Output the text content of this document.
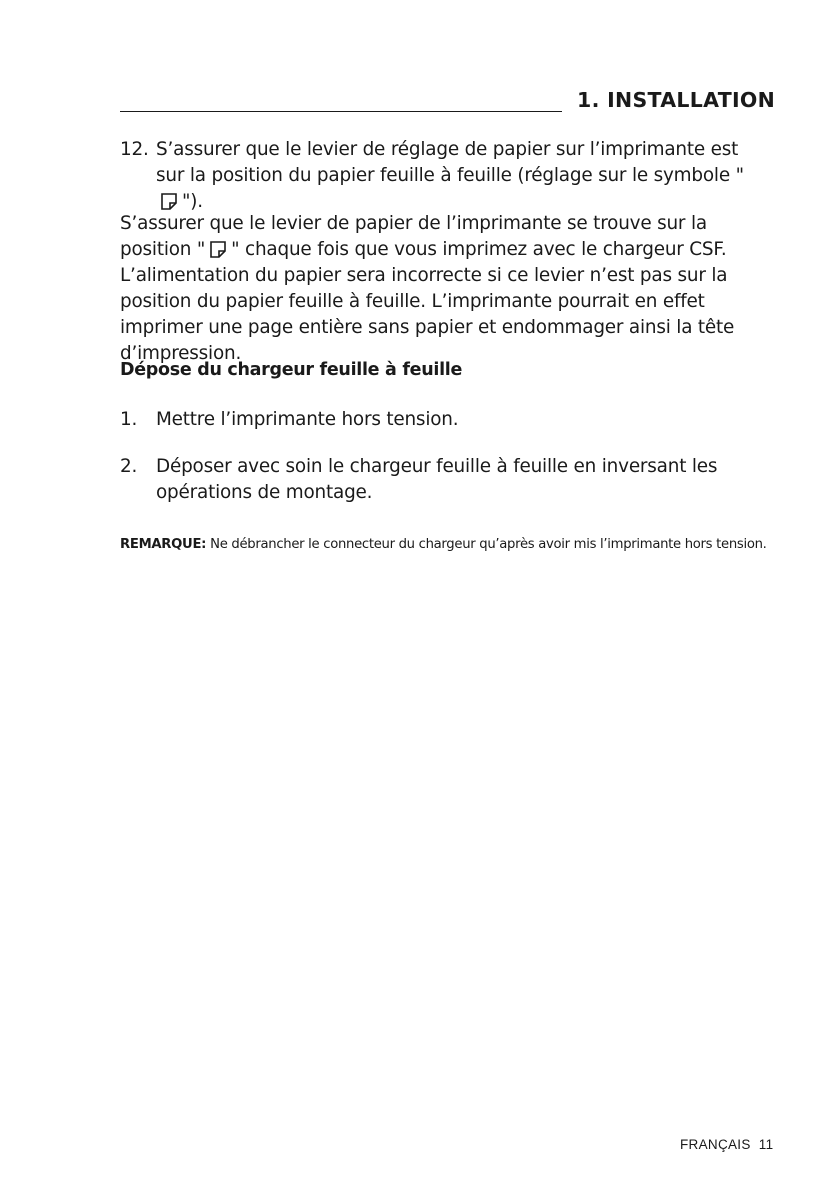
1. INSTALLATION
12. S’assurer que le levier de réglage de papier sur l’imprimante est sur la position du papier feuille à feuille (réglage sur le symbole "").
S’assurer que le levier de papier de l’imprimante se trouve sur la position " " chaque fois que vous imprimez avec le chargeur CSF. L’alimentation du papier sera incorrecte si ce levier n’est pas sur la position du papier feuille à feuille. L’imprimante pourrait en effet imprimer une page entière sans papier et endommager ainsi la tête d’impression.
Dépose du chargeur feuille à feuille
1.	Mettre l’imprimante hors tension.
2.	Déposer avec soin le chargeur feuille à feuille en inversant les opérations de montage.
REMARQUE: Ne débrancher le connecteur du chargeur qu’après avoir mis l’imprimante hors tension.
FRANÇAIS 11
